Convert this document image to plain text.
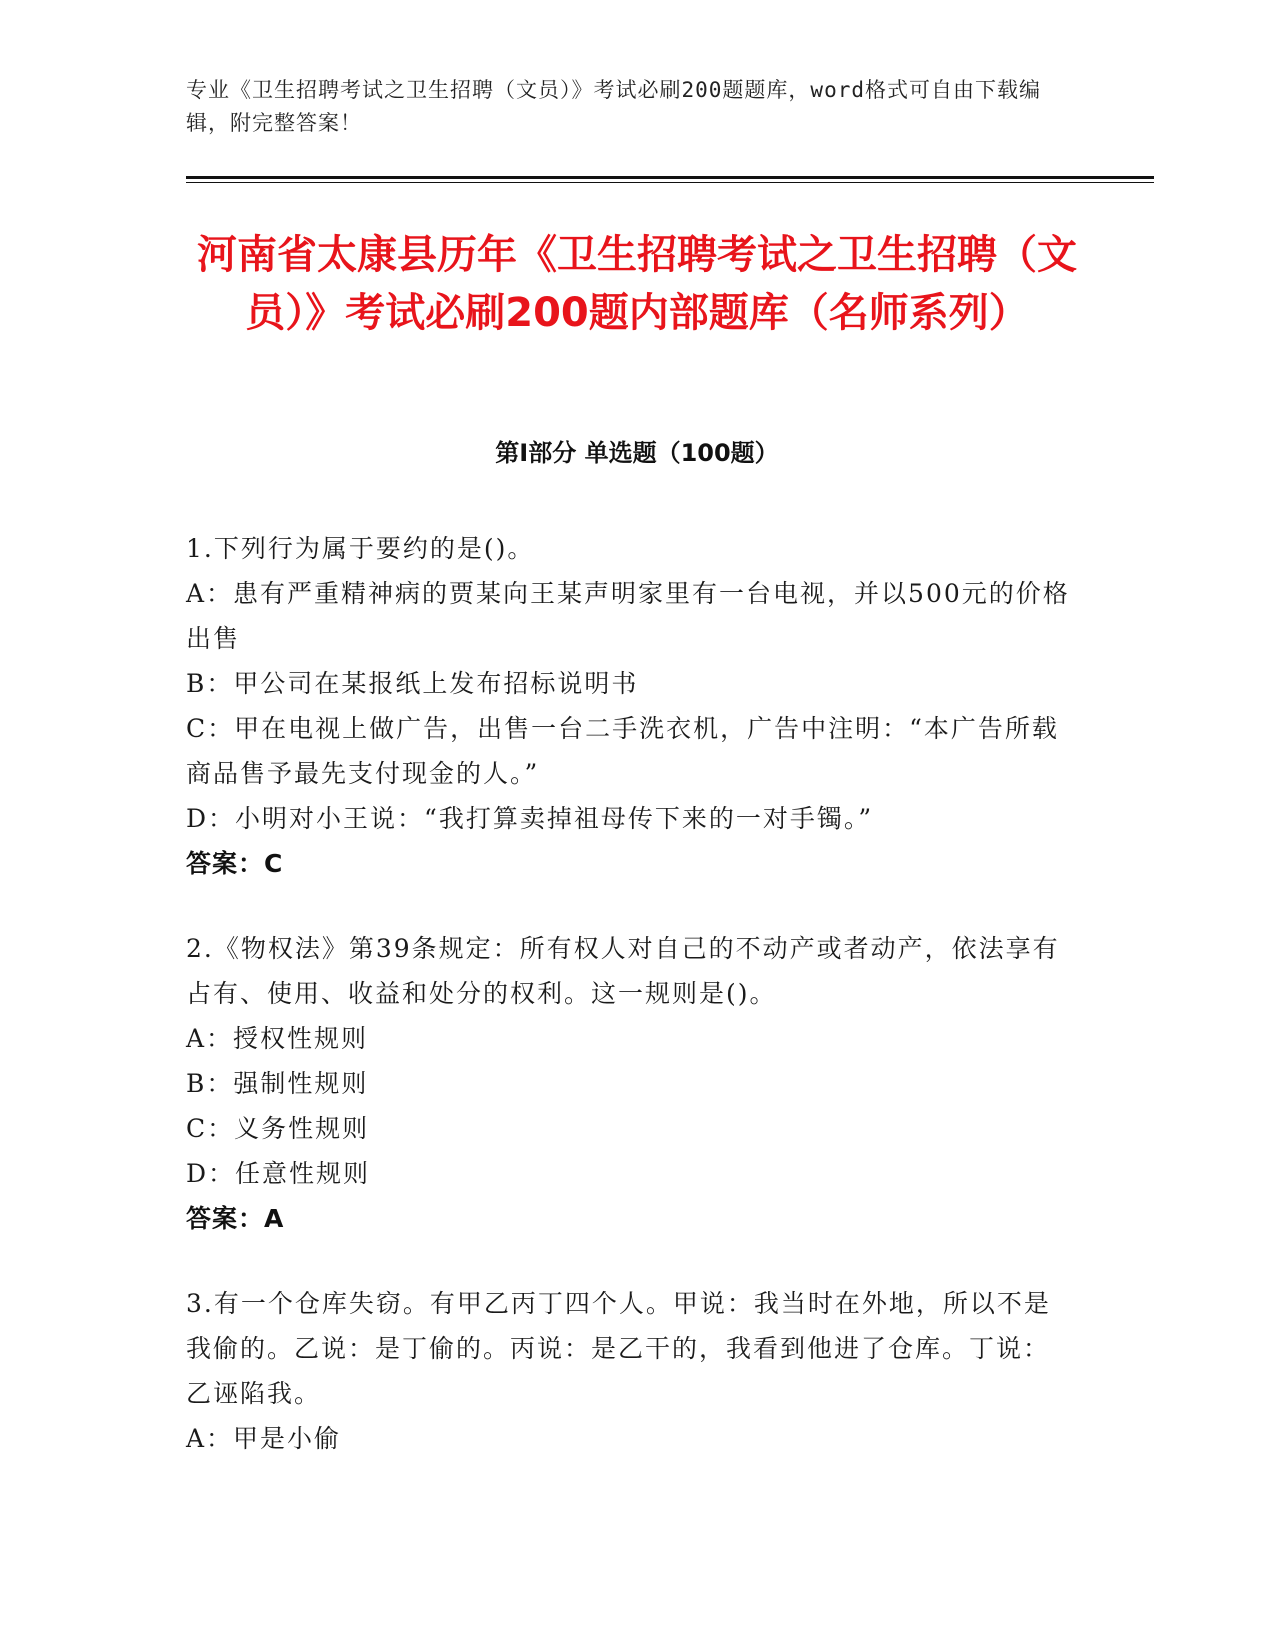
专业《卫生招聘考试之卫生招聘（文员）》考试必刷200题题库，word格式可自由下载编辑，附完整答案！
河南省太康县历年《卫生招聘考试之卫生招聘（文员）》考试必刷200题内部题库（名师系列）
第Ⅰ部分 单选题（100题）
1.下列行为属于要约的是()。
A：患有严重精神病的贾某向王某声明家里有一台电视，并以500元的价格出售
B：甲公司在某报纸上发布招标说明书
C：甲在电视上做广告，出售一台二手洗衣机，广告中注明：“本广告所载商品售予最先支付现金的人。”
D：小明对小王说：“我打算卖掉祖母传下来的一对手镯。”
答案：C
2.《物权法》第39条规定：所有权人对自己的不动产或者动产，依法享有占有、使用、收益和处分的权利。这一规则是()。
A：授权性规则
B：强制性规则
C：义务性规则
D：任意性规则
答案：A
3.有一个仓库失窃。有甲乙丙丁四个人。甲说：我当时在外地，所以不是我偷的。乙说：是丁偷的。丙说：是乙干的，我看到他进了仓库。丁说：乙诬陷我。
A：甲是小偷
